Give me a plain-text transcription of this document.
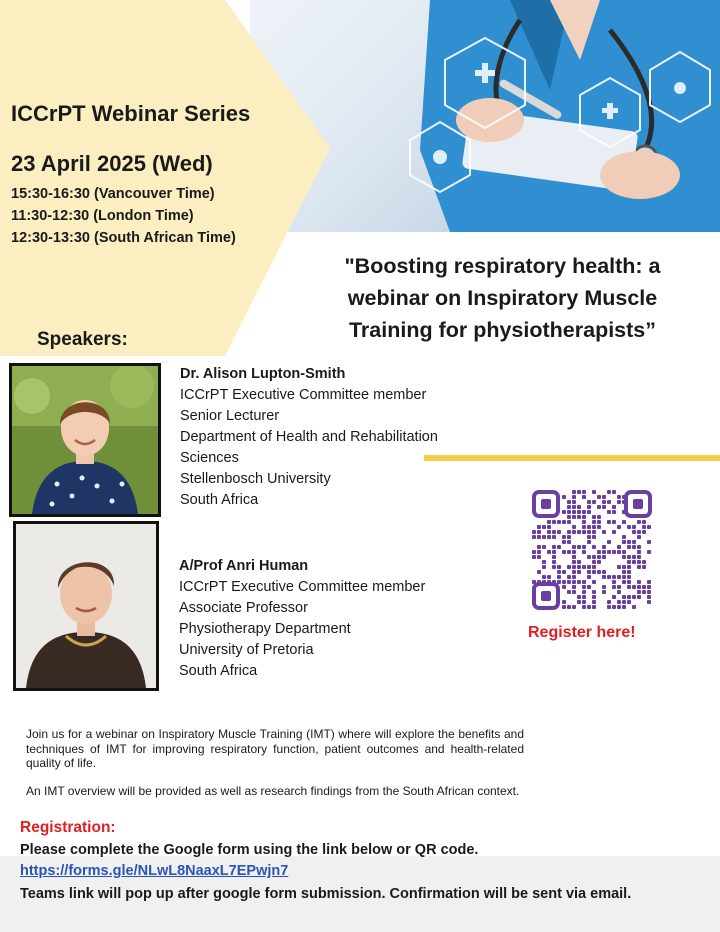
ICCrPT Webinar Series
23 April 2025 (Wed)
15:30-16:30 (Vancouver Time)
11:30-12:30 (London Time)
12:30-13:30 (South African Time)
"Boosting respiratory health: a
webinar on Inspiratory Muscle
Training for physiotherapists”
Speakers:
Dr. Alison Lupton-Smith
ICCrPT Executive Committee member
Senior Lecturer
Department of Health and Rehabilitation
Sciences
Stellenbosch University
South Africa
A/Prof Anri Human
ICCrPT Executive Committee member
Associate Professor
Physiotherapy Department
University of Pretoria
South Africa
Register here!
Join us for a webinar on Inspiratory Muscle Training (IMT) where will explore the benefits and techniques of IMT for improving respiratory function, patient outcomes and health-related quality of life.
An IMT overview will be provided as well as research findings from the South African context.
Registration:
Please complete the Google form using the link below or QR code.
https://forms.gle/NLwL8NaaxL7EPwjn7
Teams link will pop up after google form submission. Confirmation will be sent via email.
